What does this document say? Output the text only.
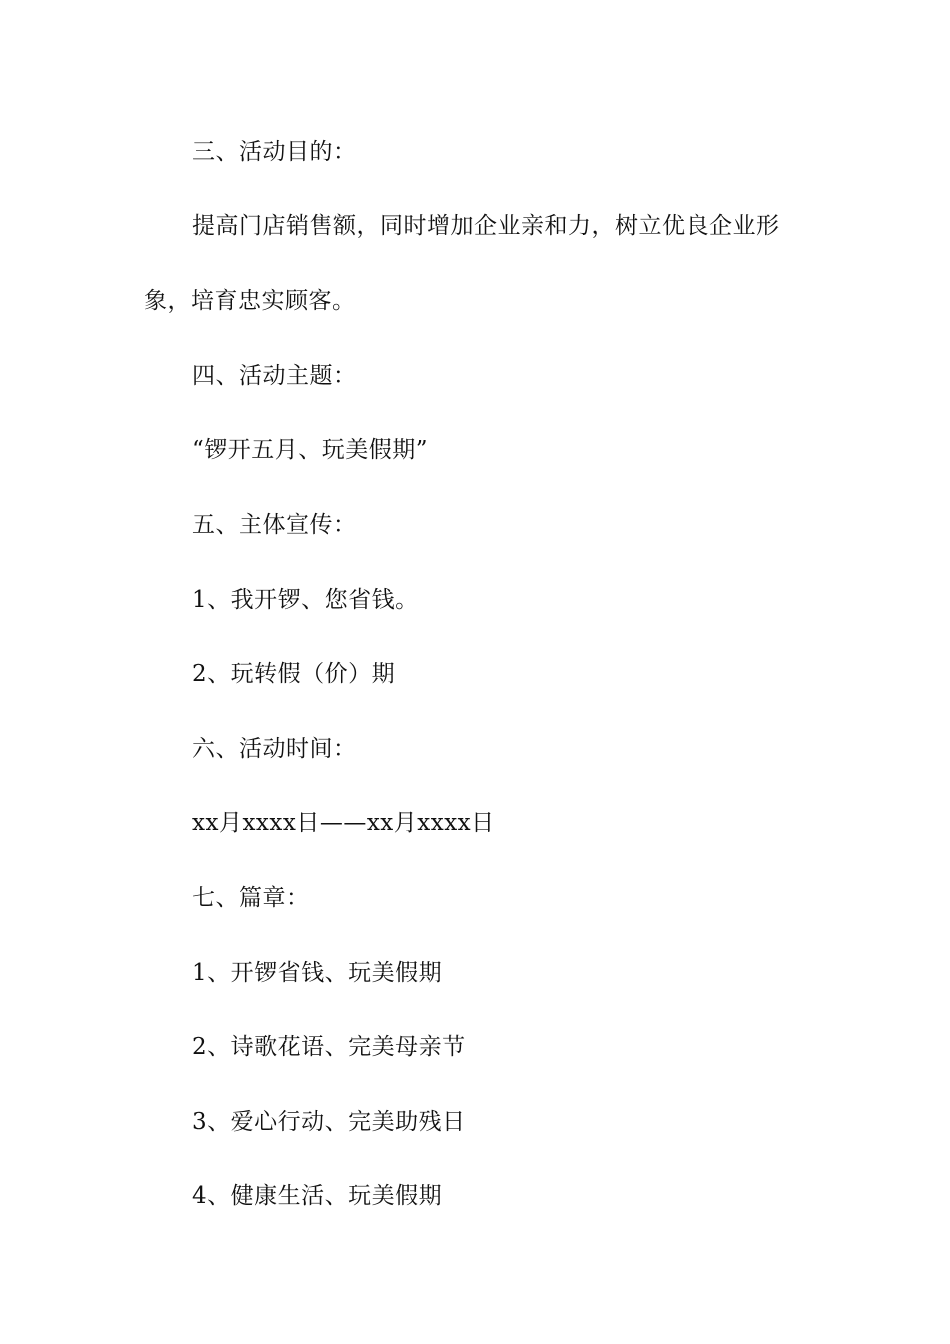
三、活动目的：
提高门店销售额，同时增加企业亲和力，树立优良企业形
象，培育忠实顾客。
四、活动主题：
“锣开五月、玩美假期”
五、主体宣传：
1、我开锣、您省钱。
2、玩转假（价）期
六、活动时间：
xx月xxxx日——xx月xxxx日
七、篇章：
1、开锣省钱、玩美假期
2、诗歌花语、完美母亲节
3、爱心行动、完美助残日
4、健康生活、玩美假期
